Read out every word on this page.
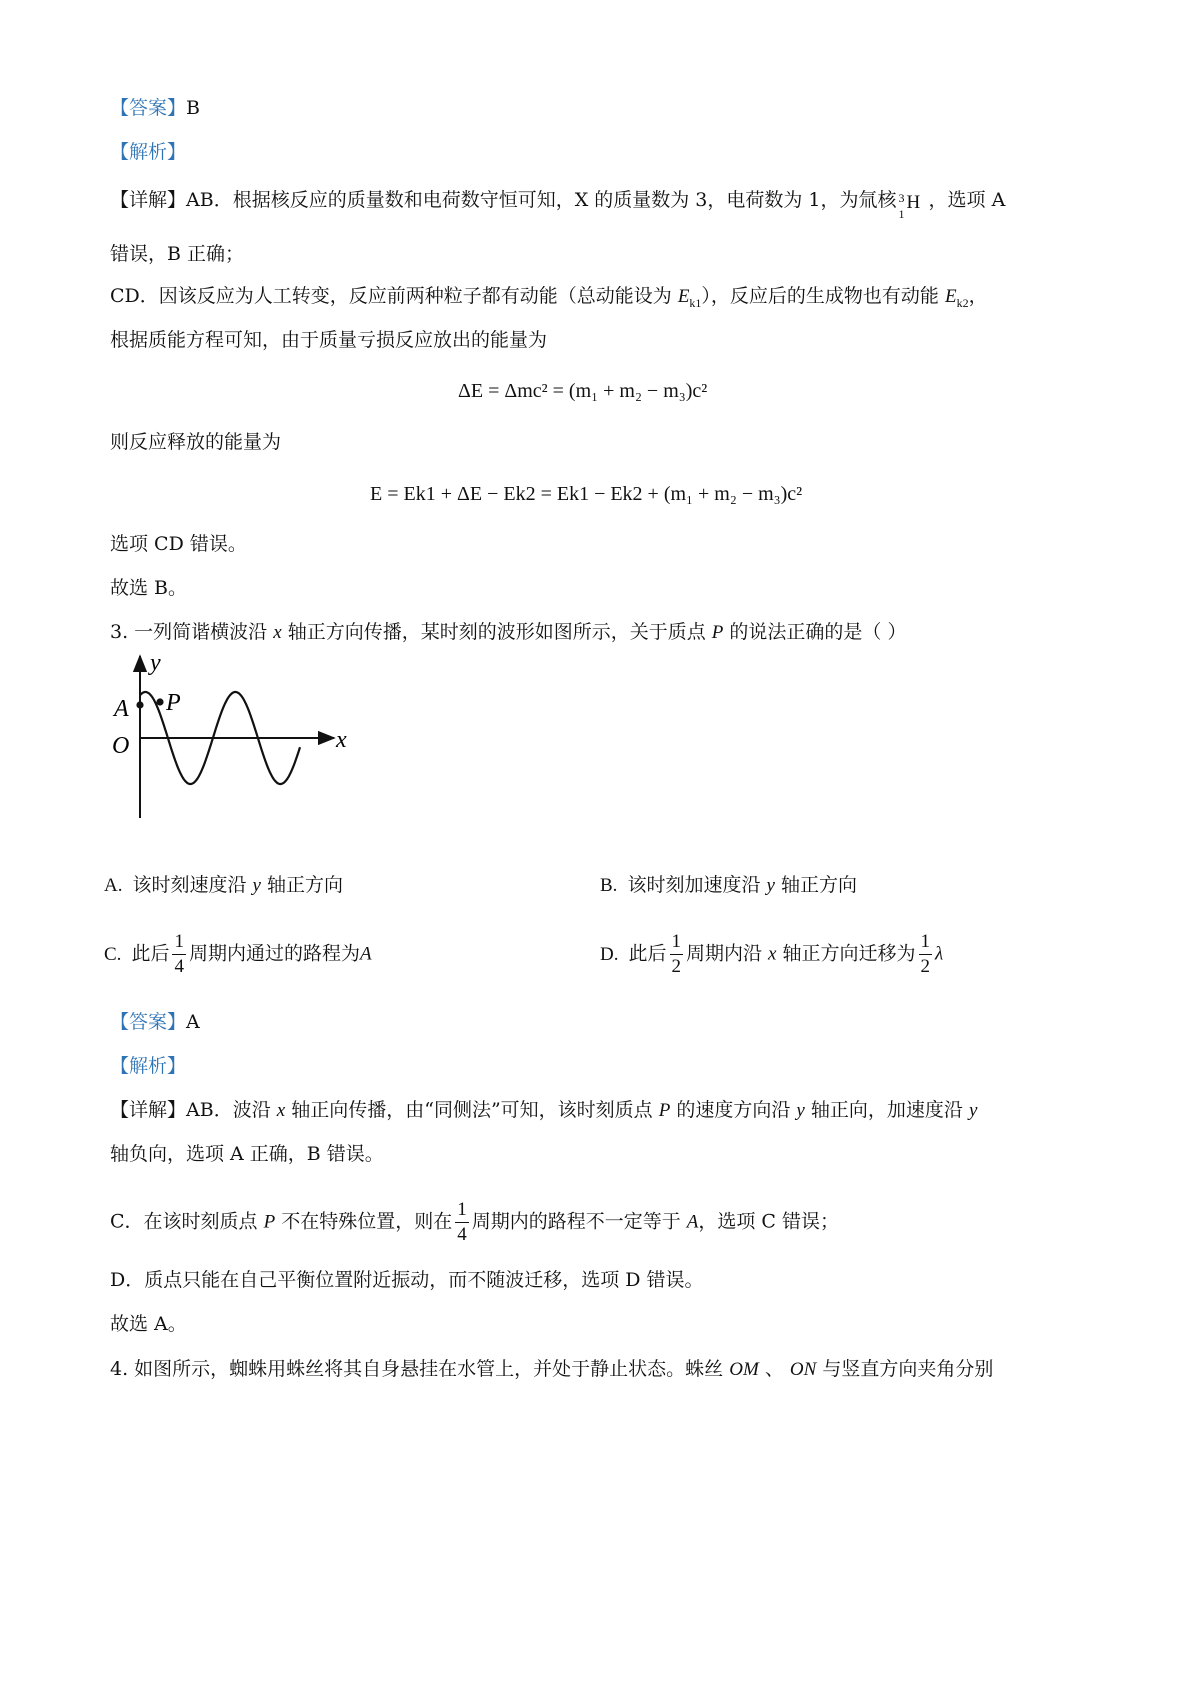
【答案】B
【解析】
【详解】AB．根据核反应的质量数和电荷数守恒可知，X 的质量数为 3，电荷数为 1，为氚核 3
1
H ，选项 A
错误，B 正确；
CD．因该反应为人工转变，反应前两种粒子都有动能（总动能设为 $E_{k1}$），反应后的生成物也有动能 $E_{k2}$，
根据质能方程可知，由于质量亏损反应放出的能量为
ΔE = Δmc² = (m₁ + m₂ − m₃)c²
则反应释放的能量为
E = Ek1 + ΔE − Ek2 = Ek1 − Ek2 + (m₁ + m₂ − m₃)c²
选项 CD 错误。
故选 B。
3. 一列简谐横波沿 x 轴正方向传播，某时刻的波形如图所示，关于质点 P 的说法正确的是（ ）
y
x
A
O
P
A. 该时刻速度沿 y 轴正方向	B. 该时刻加速度沿 y 轴正方向
C. 此后 $\frac{1}{4}$ 周期内通过的路程为A	D. 此后 $\frac{1}{2}$ 周期内沿 x 轴正方向迁移为 $\frac{1}{2}$ λ
【答案】A
【解析】
【详解】AB．波沿 x 轴正向传播，由“同侧法”可知，该时刻质点 P 的速度方向沿 y 轴正向，加速度沿 y
轴负向，选项 A 正确，B 错误。
C．在该时刻质点 P 不在特殊位置，则在 $\frac{1}{4}$ 周期内的路程不一定等于 A，选项 C 错误；
D．质点只能在自己平衡位置附近振动，而不随波迁移，选项 D 错误。
故选 A。
4. 如图所示，蜘蛛用蛛丝将其自身悬挂在水管上，并处于静止状态。蛛丝 OM 、 ON 与竖直方向夹角分别
